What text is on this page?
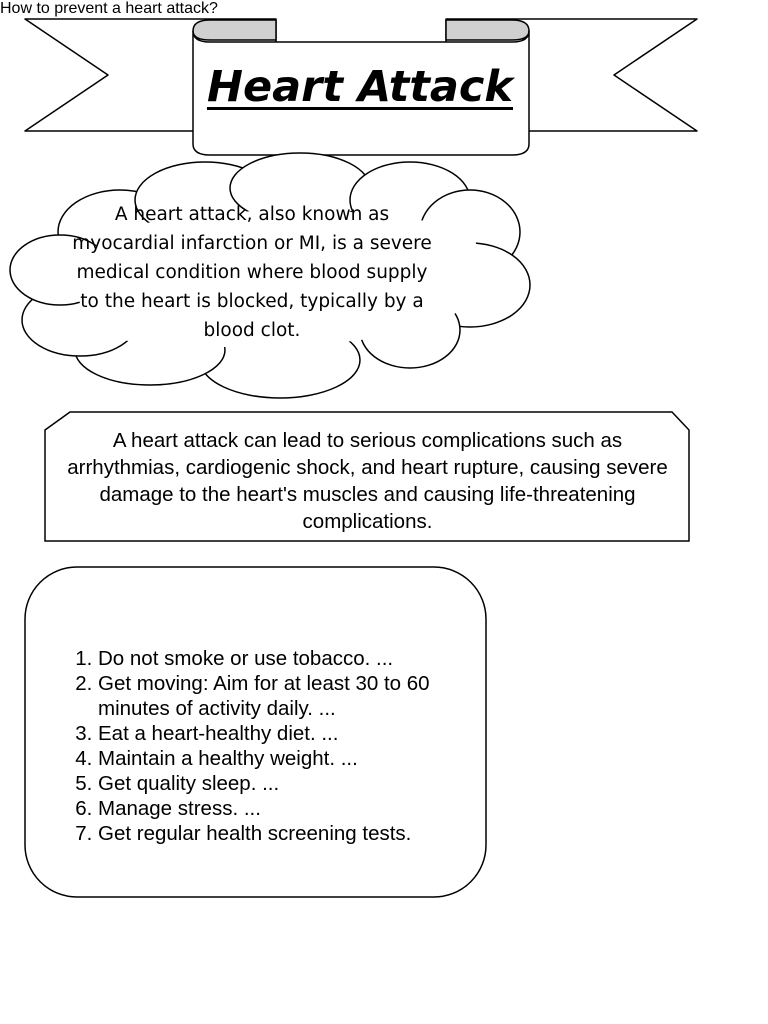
Heart Attack
A heart attack, also known as myocardial infarction or MI, is a severe medical condition where blood supply to the heart is blocked, typically by a blood clot.
A heart attack can lead to serious complications such as arrhythmias, cardiogenic shock, and heart rupture, causing severe damage to the heart's muscles and causing life-threatening complications.
How to prevent a heart attack?
1. Do not smoke or use tobacco. ...
2. Get moving: Aim for at least 30 to 60 minutes of activity daily. ...
3. Eat a heart-healthy diet. ...
4. Maintain a healthy weight. ...
5. Get quality sleep. ...
6. Manage stress. ...
7. Get regular health screening tests.
